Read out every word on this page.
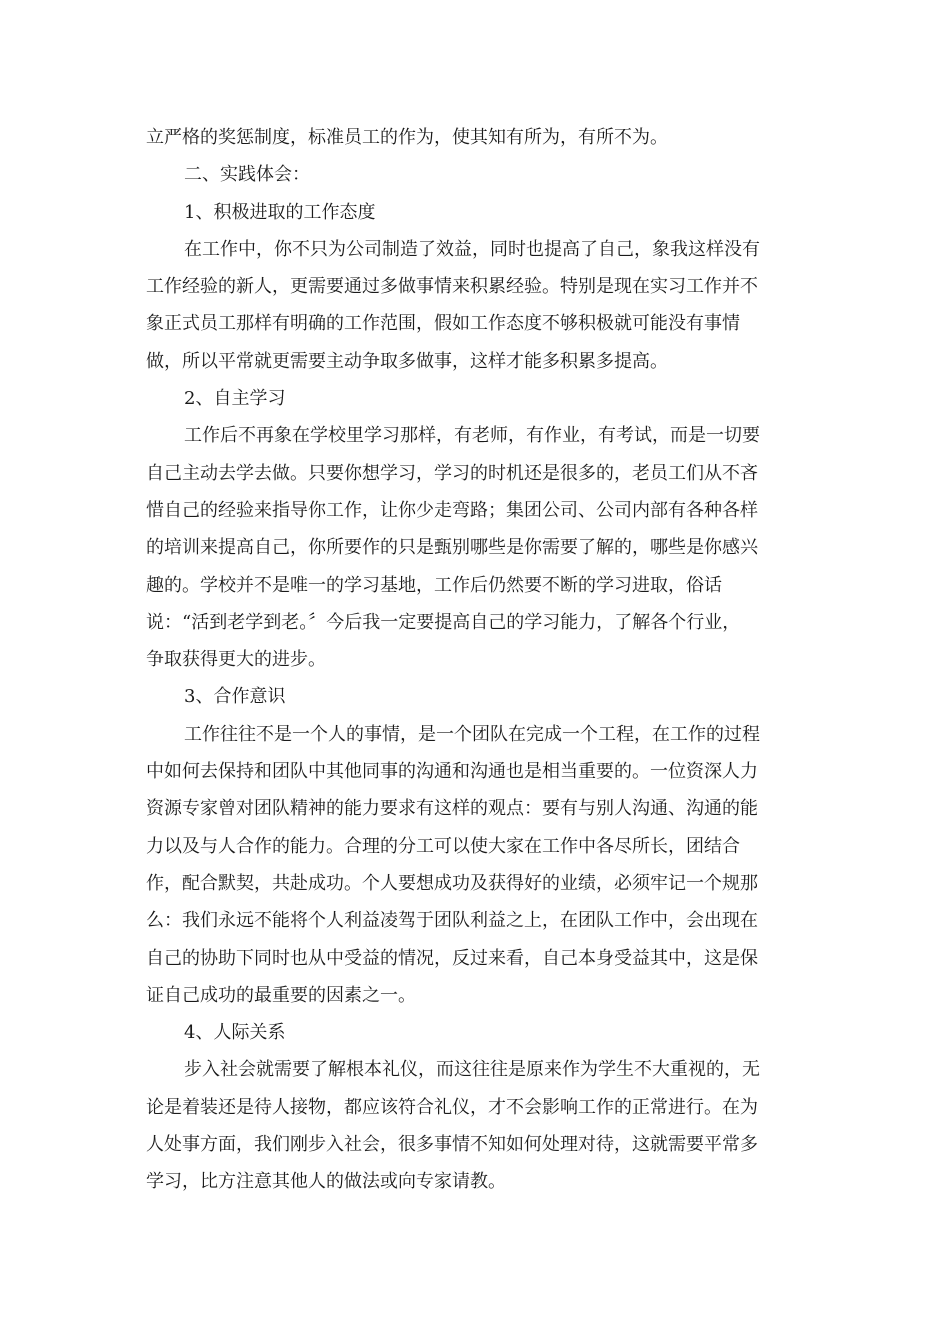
立严格的奖惩制度，标准员工的作为，使其知有所为，有所不为。
二、实践体会：
1、积极进取的工作态度
在工作中，你不只为公司制造了效益，同时也提高了自己，象我这样没有
工作经验的新人，更需要通过多做事情来积累经验。特别是现在实习工作并不
象正式员工那样有明确的工作范围，假如工作态度不够积极就可能没有事情
做，所以平常就更需要主动争取多做事，这样才能多积累多提高。
2、自主学习
工作后不再象在学校里学习那样，有老师，有作业，有考试，而是一切要
自己主动去学去做。只要你想学习，学习的时机还是很多的，老员工们从不吝
惜自己的经验来指导你工作，让你少走弯路；集团公司、公司内部有各种各样
的培训来提高自己，你所要作的只是甄别哪些是你需要了解的，哪些是你感兴
趣的。学校并不是唯一的学习基地，工作后仍然要不断的学习进取，俗话
说：“活到老学到老。〞今后我一定要提高自己的学习能力，了解各个行业，
争取获得更大的进步。
3、合作意识
工作往往不是一个人的事情，是一个团队在完成一个工程，在工作的过程
中如何去保持和团队中其他同事的沟通和沟通也是相当重要的。一位资深人力
资源专家曾对团队精神的能力要求有这样的观点：要有与别人沟通、沟通的能
力以及与人合作的能力。合理的分工可以使大家在工作中各尽所长，团结合
作，配合默契，共赴成功。个人要想成功及获得好的业绩，必须牢记一个规那
么：我们永远不能将个人利益凌驾于团队利益之上，在团队工作中，会出现在
自己的协助下同时也从中受益的情况，反过来看，自己本身受益其中，这是保
证自己成功的最重要的因素之一。
4、人际关系
步入社会就需要了解根本礼仪，而这往往是原来作为学生不大重视的，无
论是着装还是待人接物，都应该符合礼仪，才不会影响工作的正常进行。在为
人处事方面，我们刚步入社会，很多事情不知如何处理对待，这就需要平常多
学习，比方注意其他人的做法或向专家请教。
